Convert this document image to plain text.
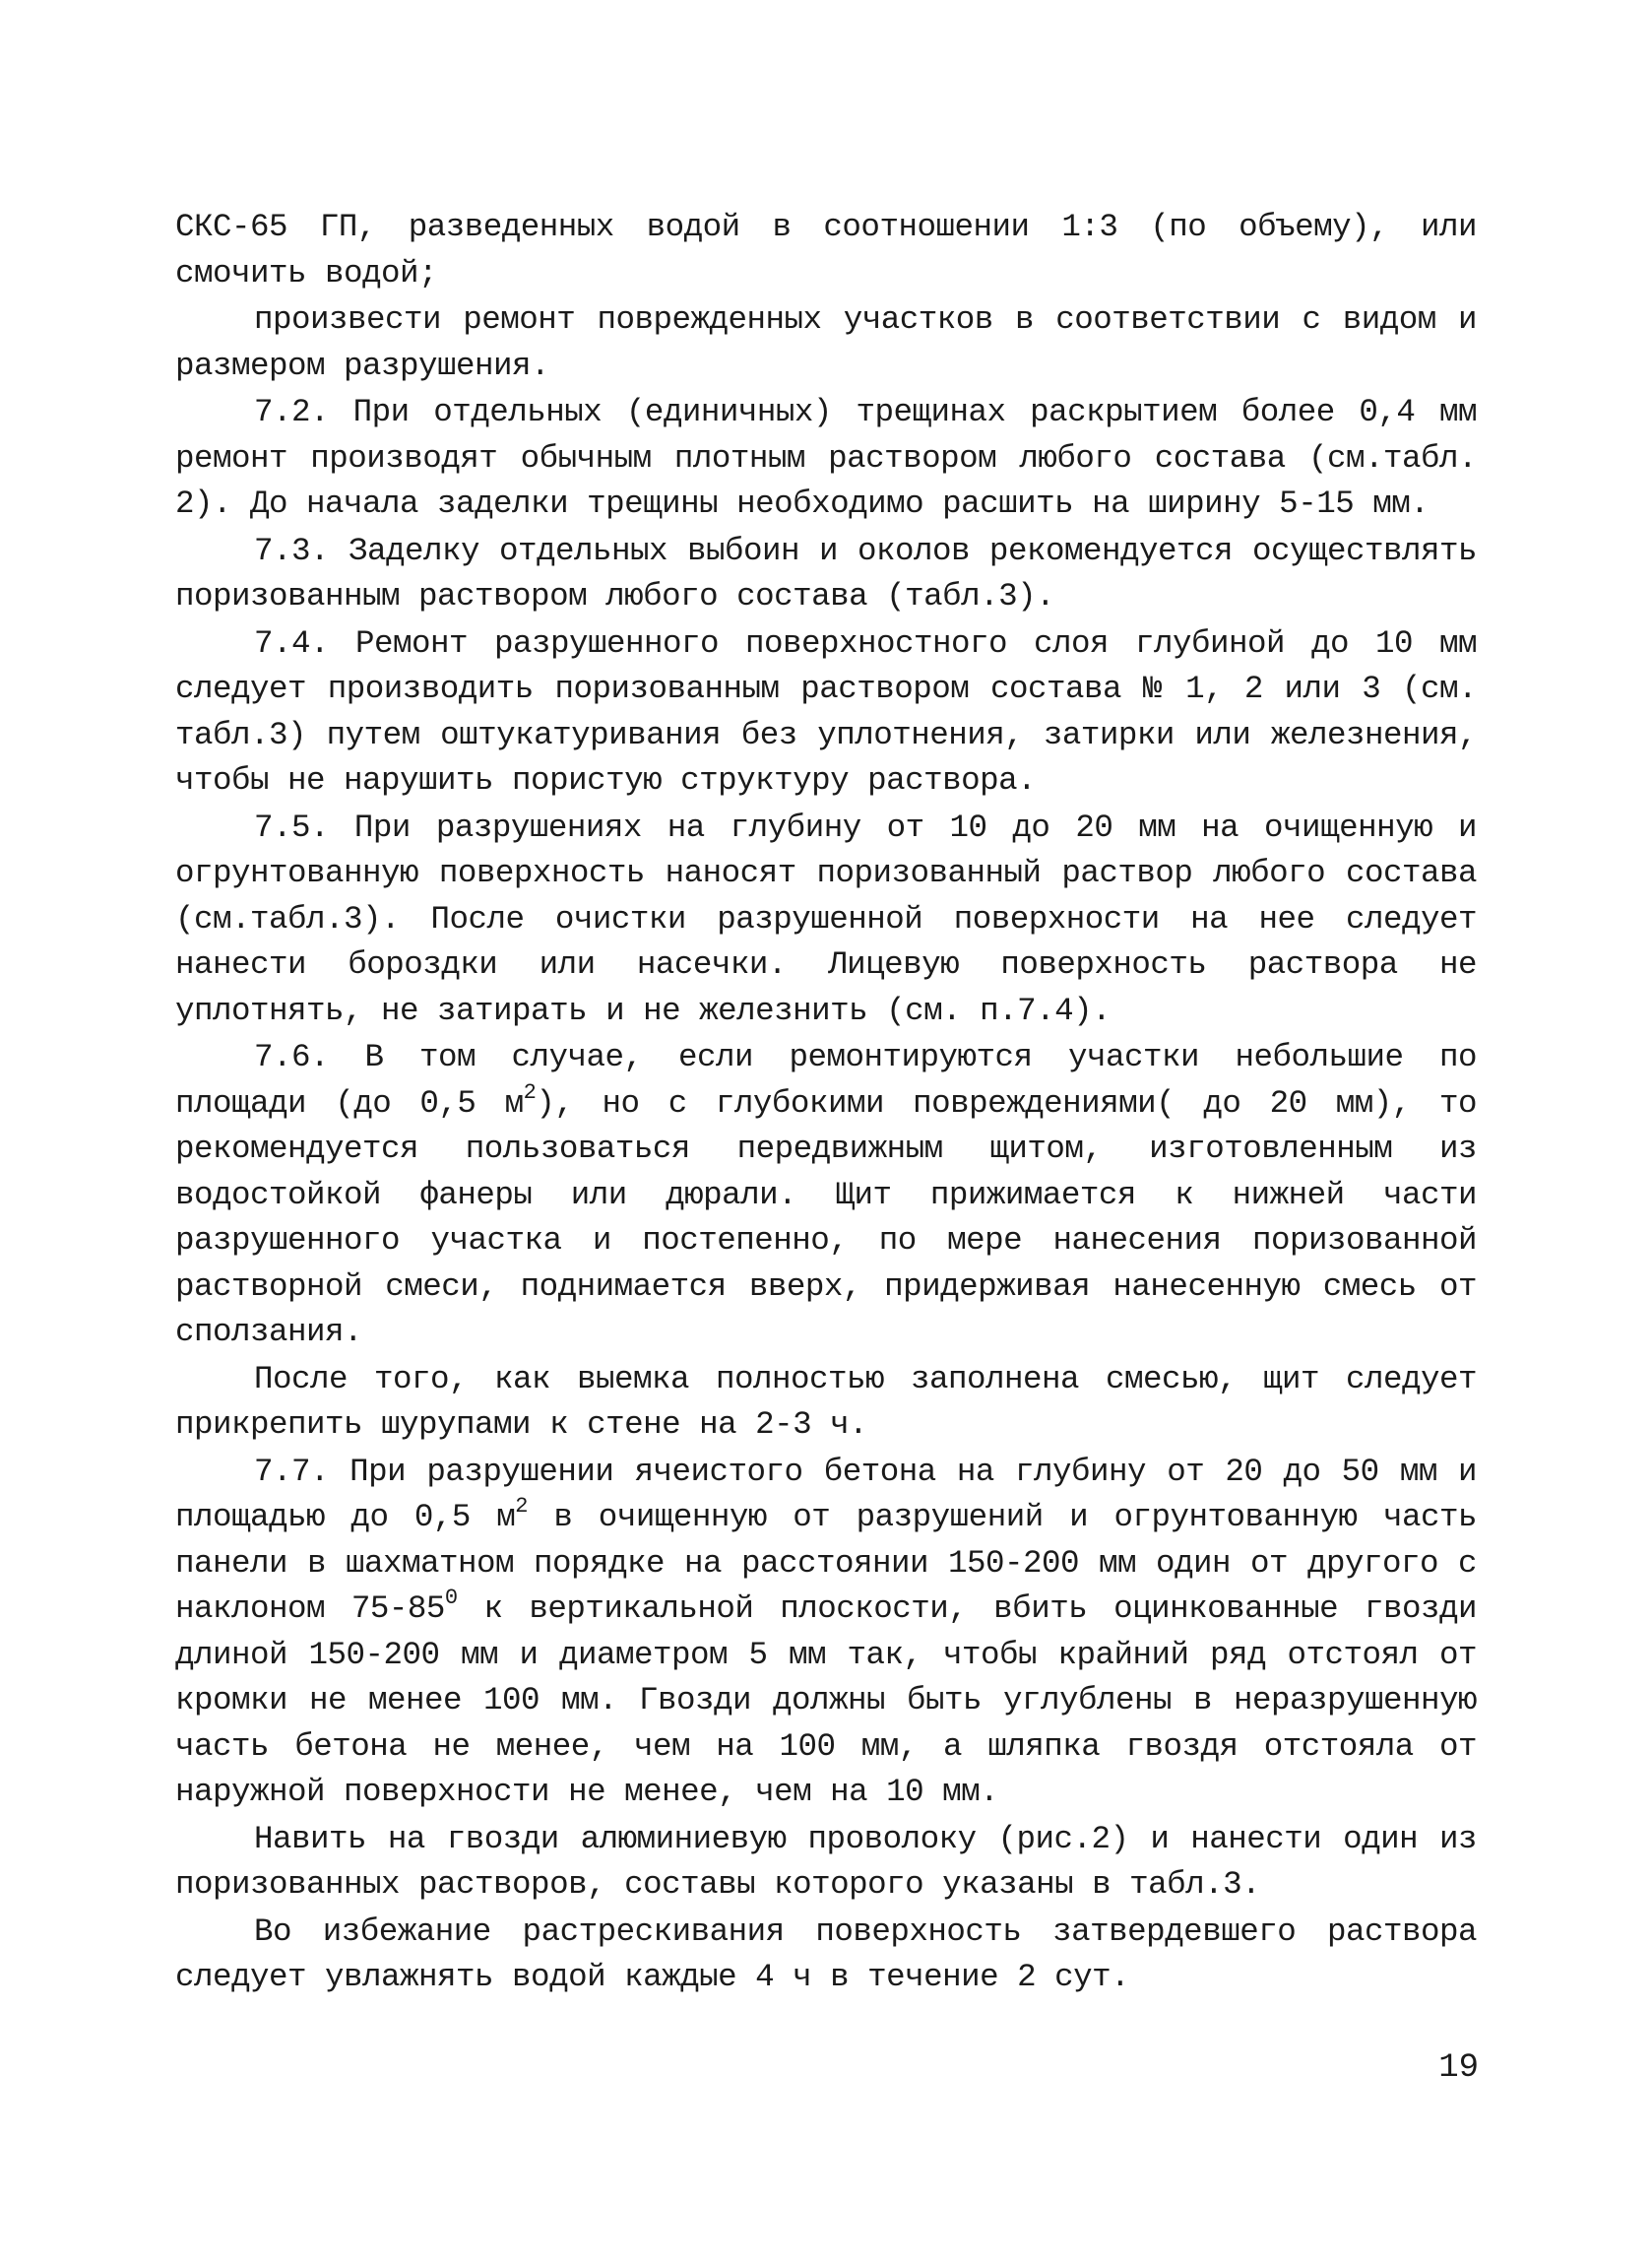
СКС-65 ГП, разведенных водой в соотношении 1:3 (по объему), или смочить водой;

произвести ремонт поврежденных участков в соответствии с видом и размером разрушения.

7.2. При отдельных (единичных) трещинах раскрытием более 0,4 мм ремонт производят обычным плотным раствором любого состава (см.табл. 2). До начала заделки трещины необходимо расшить на ширину 5-15 мм.

7.3. Заделку отдельных выбоин и околов рекомендуется осуществлять поризованным раствором любого состава (табл.3).

7.4. Ремонт разрушенного поверхностного слоя глубиной до 10 мм следует производить поризованным раствором состава № 1, 2 или 3 (см. табл.3) путем оштукатуривания без уплотнения, затирки или железнения, чтобы не нарушить пористую структуру раствора.

7.5. При разрушениях на глубину от 10 до 20 мм на очищенную и огрунтованную поверхность наносят поризованный раствор любого состава (см.табл.3). После очистки разрушенной поверхности на нее следует нанести бороздки или насечки. Лицевую поверхность раствора не уплотнять, не затирать и не железнить (см. п.7.4).

7.6. В том случае, если ремонтируются участки небольшие по площади (до 0,5 $м^2$), но с глубокими повреждениями( до 20 мм), то рекомендуется пользоваться передвижным щитом, изготовленным из водостойкой фанеры или дюрали. Щит прижимается к нижней части разрушенного участка и постепенно, по мере нанесения поризованной растворной смеси, поднимается вверх, придерживая нанесенную смесь от сползания.

После того, как выемка полностью заполнена смесью, щит следует прикрепить шурупами к стене на 2-3 ч.

7.7. При разрушении ячеистого бетона на глубину от 20 до 50 мм и площадью до 0,5 $м^2$ в очищенную от разрушений и огрунтованную часть панели в шахматном порядке на расстоянии 150-200 мм один от другого с наклоном $75-85^0$ к вертикальной плоскости, вбить оцинкованные гвозди длиной 150-200 мм и диаметром 5 мм так, чтобы крайний ряд отстоял от кромки не менее 100 мм. Гвозди должны быть углублены в неразрушенную часть бетона не менее, чем на 100 мм, а шляпка гвоздя отстояла от наружной поверхности не менее, чем на 10 мм.

Навить на гвозди алюминиевую проволоку (рис.2) и нанести один из поризованных растворов, составы которого указаны в табл.3.

Во избежание растрескивания поверхность затвердевшего раствора следует увлажнять водой каждые 4 ч в течение 2 сут.

19
